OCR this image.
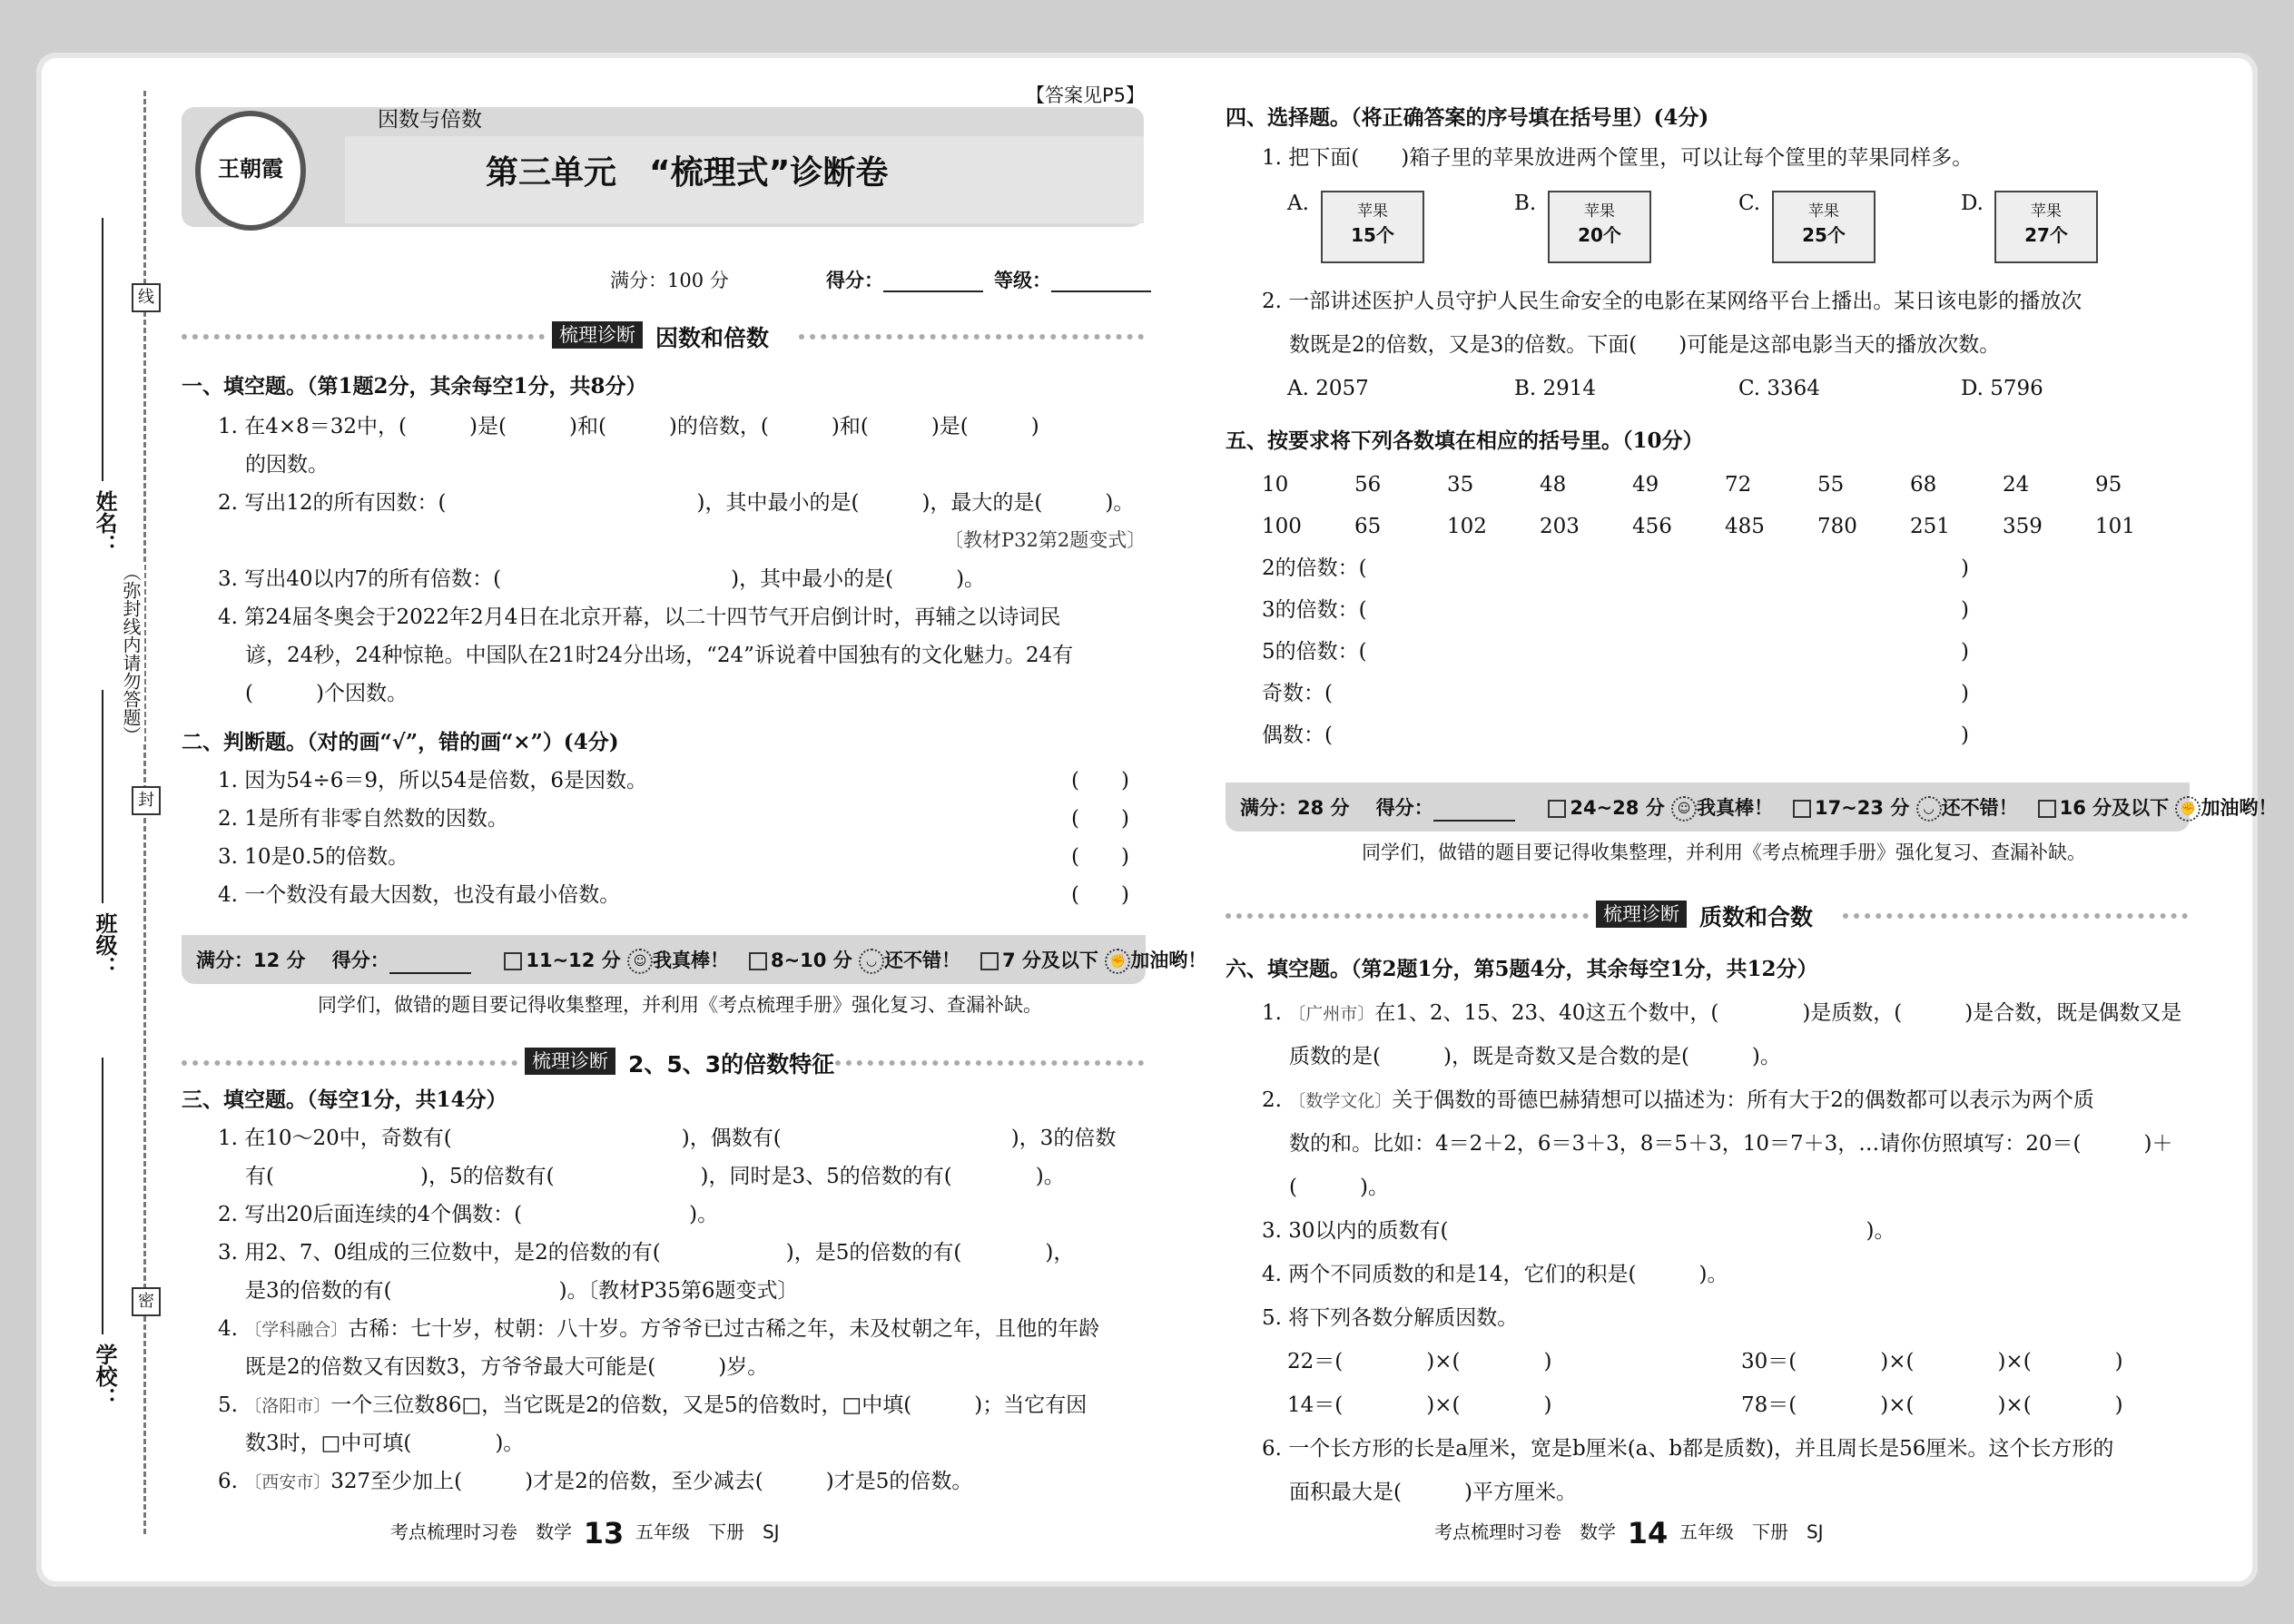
线
封
密
（弥封线内请勿答题）
姓名：
班级：
学校：
王朝霞
【答案见P5】
因数与倍数
第三单元　“梳理式”诊断卷
满分：100 分	得分：	等级：
梳理诊断 因数和倍数
一、填空题。（第1题2分，其余每空1分，共8分）
1. 在4×8＝32中，(　　　)是(　　　)和(　　　)的倍数，(　　　)和(　　　)是(　　　)
的因数。
2. 写出12的所有因数：(　　　　　　　　　　　　)，其中最小的是(　　　)，最大的是(　　　)。
〔教材P32第2题变式〕
3. 写出40以内7的所有倍数：(　　　　　　　　　　　)，其中最小的是(　　　)。
4. 第24届冬奥会于2022年2月4日在北京开幕，以二十四节气开启倒计时，再辅之以诗词民
谚，24秒，24种惊艳。中国队在21时24分出场，“24”诉说着中国独有的文化魅力。24有
(　　　)个因数。
二、判断题。（对的画“√”，错的画“×”）(4分)
1. 因为54÷6＝9，所以54是倍数，6是因数。	(　　)
2. 1是所有非零自然数的因数。	(　　)
3. 10是0.5的倍数。	(　　)
4. 一个数没有最大因数，也没有最小倍数。	(　　)
满分：12 分 得分：	11~12 分 ☺ 我真棒！ 8~10 分 ◡ 还不错！ 7 分及以下 ✊ 加油哟！
同学们，做错的题目要记得收集整理，并利用《考点梳理手册》强化复习、查漏补缺。
梳理诊断 2、5、3的倍数特征
三、填空题。（每空1分，共14分）
1. 在10～20中，奇数有(　　　　　　　　　　　)，偶数有(　　　　　　　　　　　)，3的倍数
有(　　　　　　　)，5的倍数有(　　　　　　　)，同时是3、5的倍数的有(　　　　)。
2. 写出20后面连续的4个偶数：(　　　　　　　　)。
3. 用2、7、0组成的三位数中，是2的倍数的有(　　　　　　)，是5的倍数的有(　　　　)，
是3的倍数的有(　　　　　　　　)。〔教材P35第6题变式〕
4. 〔学科融合〕古稀：七十岁，杖朝：八十岁。方爷爷已过古稀之年，未及杖朝之年，且他的年龄
既是2的倍数又有因数3，方爷爷最大可能是(　　　)岁。
5. 〔洛阳市〕一个三位数86□，当它既是2的倍数，又是5的倍数时，□中填(　　　)；当它有因
数3时，□中可填(　　　　)。
6. 〔西安市〕327至少加上(　　　)才是2的倍数，至少减去(　　　)才是5的倍数。
考点梳理时习卷　数学 13 五年级　下册　SJ
四、选择题。（将正确答案的序号填在括号里）(4分)
1. 把下面(　　)箱子里的苹果放进两个筐里，可以让每个筐里的苹果同样多。
A.	苹果
15个
B.	苹果
20个
C.	苹果
25个
D.	苹果
27个
2. 一部讲述医护人员守护人民生命安全的电影在某网络平台上播出。某日该电影的播放次
数既是2的倍数，又是3的倍数。下面(　　)可能是这部电影当天的播放次数。
A. 2057	B. 2914	C. 3364	D. 5796
五、按要求将下列各数填在相应的括号里。（10分）
10	56	35	48	49	72	55	68	24	95
100	65	102	203	456	485	780	251	359	101
2的倍数：(	)
3的倍数：(	)
5的倍数：(	)
奇数：(	)
偶数：(	)
满分：28 分 得分：	24~28 分 ☺ 我真棒！ 17~23 分 ◡ 还不错！ 16 分及以下 ✊ 加油哟！
同学们，做错的题目要记得收集整理，并利用《考点梳理手册》强化复习、查漏补缺。
梳理诊断 质数和合数
六、填空题。（第2题1分，第5题4分，其余每空1分，共12分）
1. 〔广州市〕在1、2、15、23、40这五个数中，(　　　　)是质数，(　　　)是合数，既是偶数又是
质数的是(　　　)，既是奇数又是合数的是(　　　)。
2. 〔数学文化〕关于偶数的哥德巴赫猜想可以描述为：所有大于2的偶数都可以表示为两个质
数的和。比如：4＝2＋2，6＝3＋3，8＝5＋3，10＝7＋3，…请你仿照填写：20＝(　　　)＋
(　　　)。
3. 30以内的质数有(　　　　　　　　　　　　　　　　　　　　)。
4. 两个不同质数的和是14，它们的积是(　　　)。
5. 将下列各数分解质因数。
22＝(　　　　)×(　　　　)	30＝(　　　　)×(　　　　)×(　　　　)
14＝(　　　　)×(　　　　)	78＝(　　　　)×(　　　　)×(　　　　)
6. 一个长方形的长是a厘米，宽是b厘米(a、b都是质数)，并且周长是56厘米。这个长方形的
面积最大是(　　　)平方厘米。
考点梳理时习卷　数学 14 五年级　下册　SJ
